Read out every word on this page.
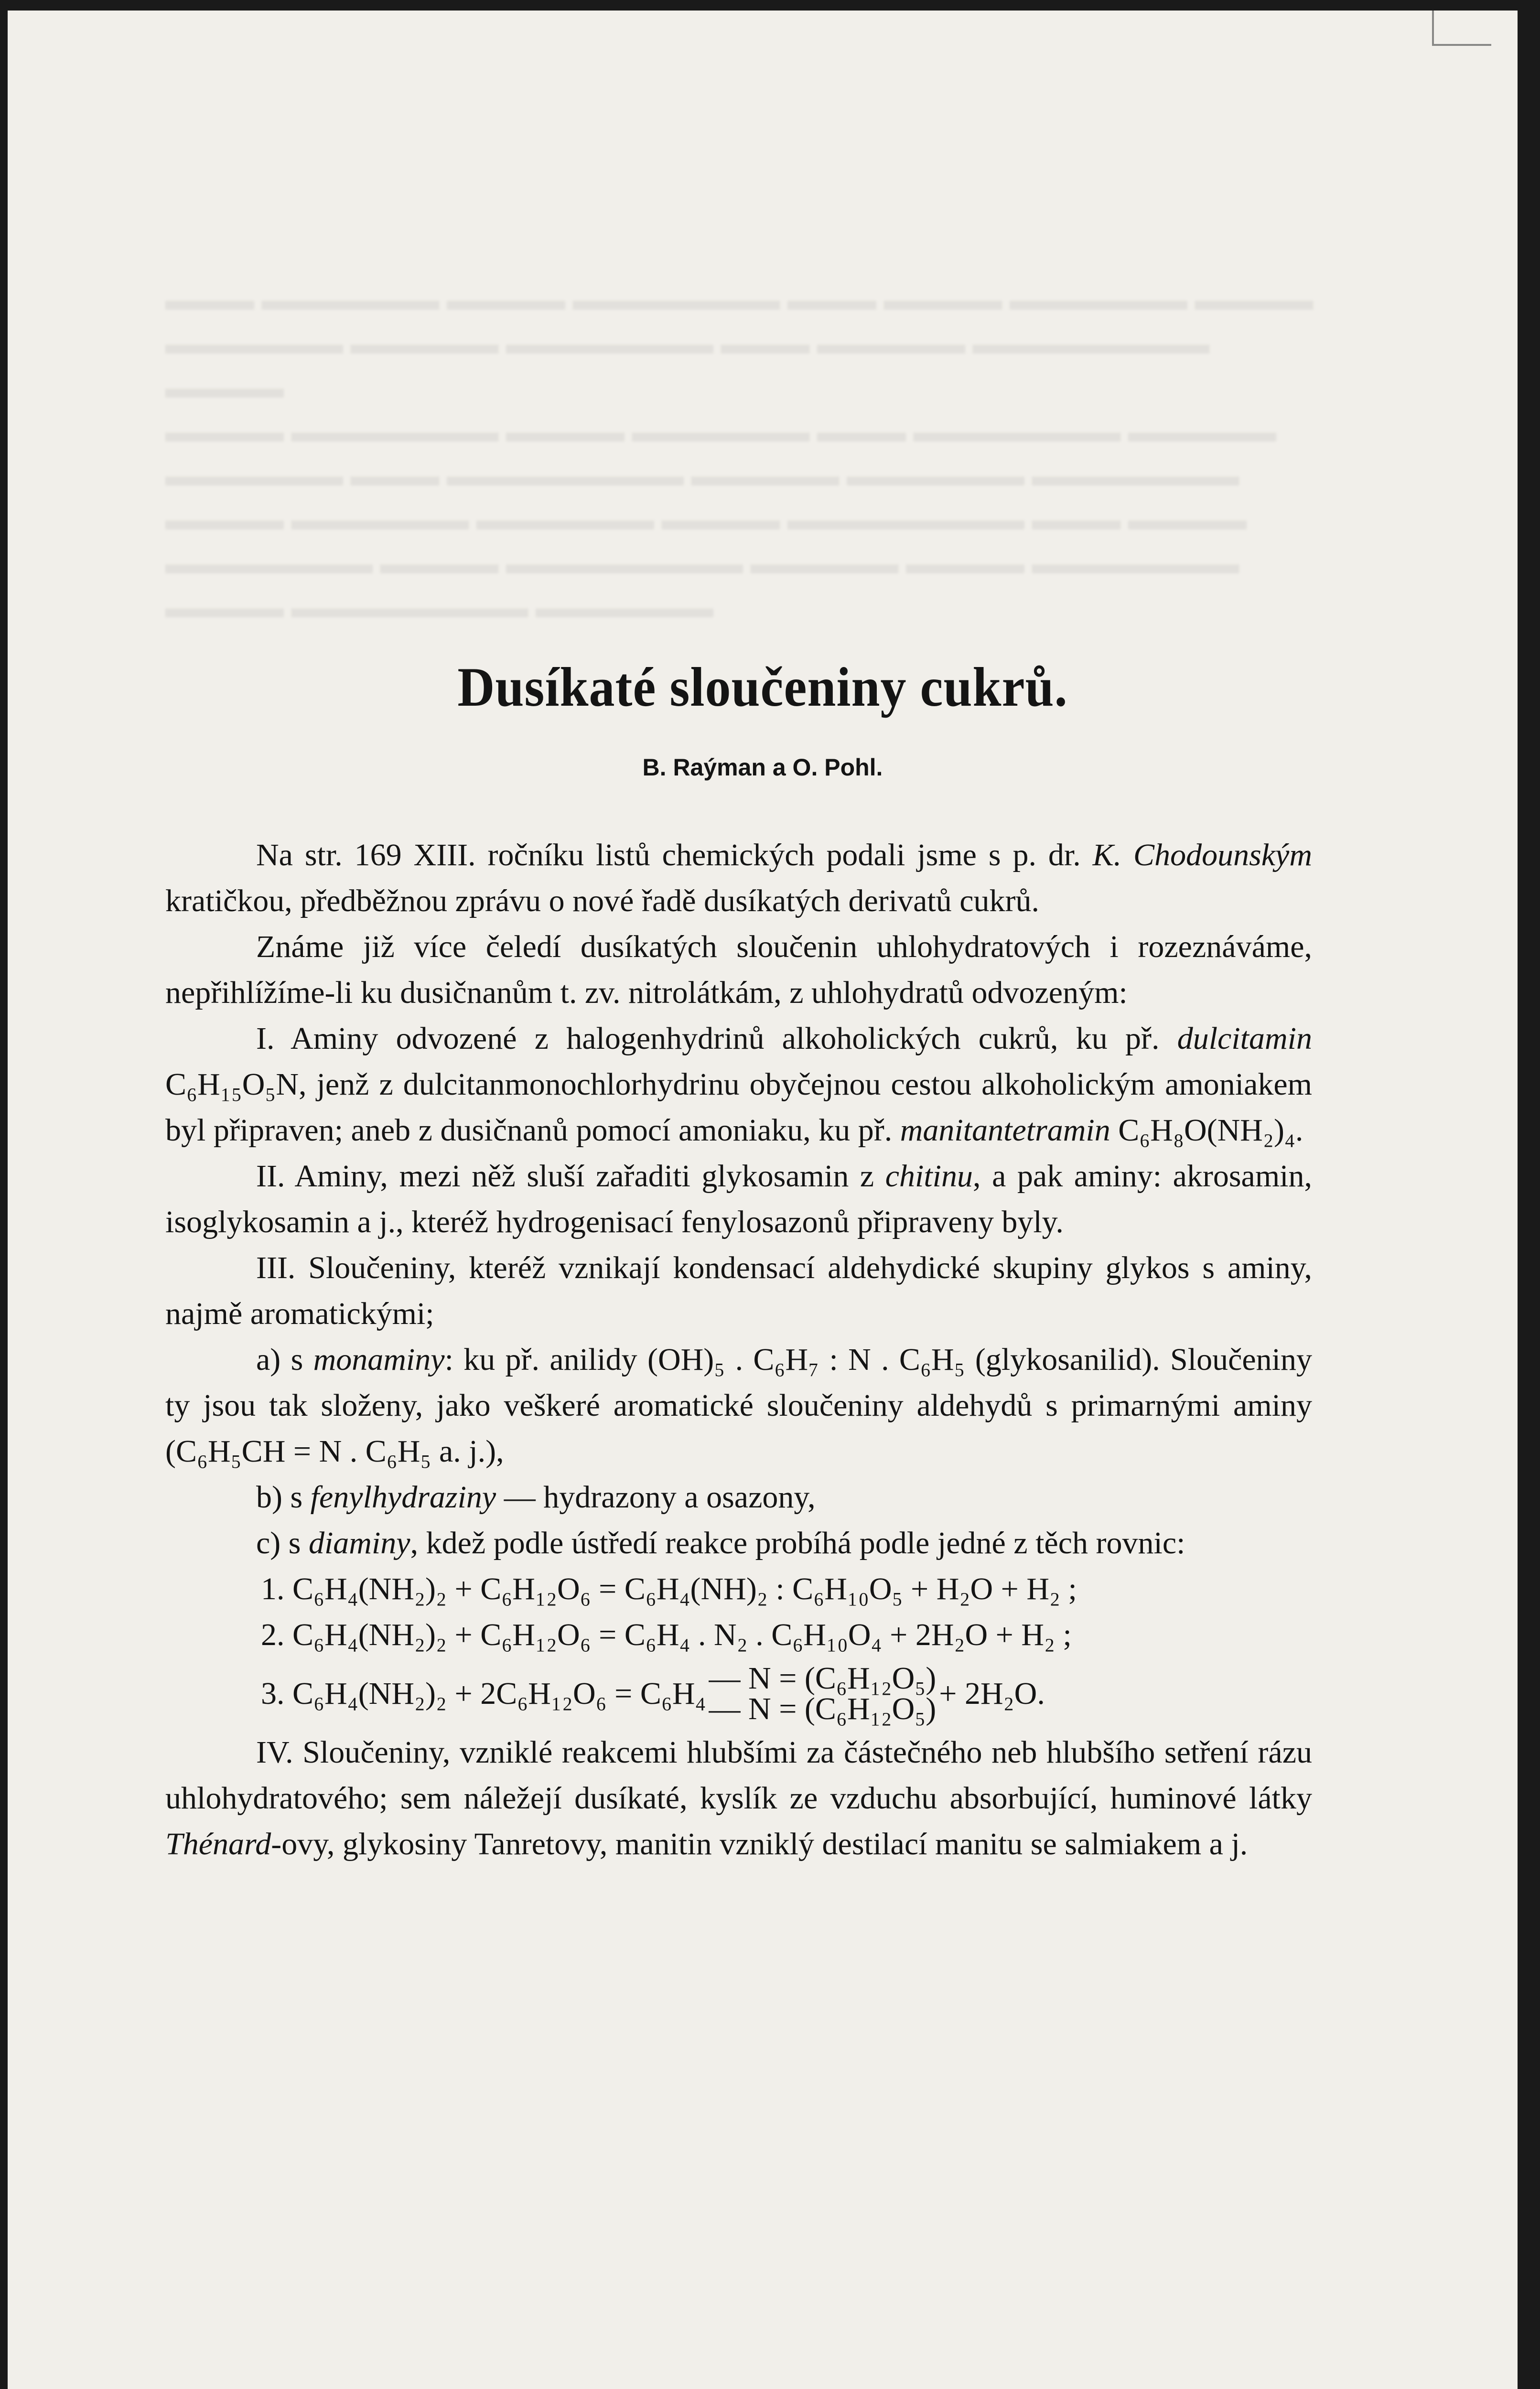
▬▬▬ ▬▬▬▬▬▬ ▬▬▬▬ ▬▬▬▬▬▬▬ ▬▬▬ ▬▬▬▬ ▬▬▬▬▬▬ ▬▬▬▬
▬▬▬▬▬▬ ▬▬▬▬▬ ▬▬▬▬▬▬▬ ▬▬▬ ▬▬▬▬▬ ▬▬▬▬▬▬▬▬ ▬▬▬▬
▬▬▬▬ ▬▬▬▬▬▬▬ ▬▬▬▬ ▬▬▬▬▬▬ ▬▬▬ ▬▬▬▬▬▬▬ ▬▬▬▬▬
▬▬▬▬▬▬ ▬▬▬ ▬▬▬▬▬▬▬▬ ▬▬▬▬▬ ▬▬▬▬▬▬ ▬▬▬▬▬▬▬
▬▬▬▬ ▬▬▬▬▬▬ ▬▬▬▬▬▬ ▬▬▬▬ ▬▬▬▬▬▬▬▬ ▬▬▬ ▬▬▬▬
▬▬▬▬▬▬▬ ▬▬▬▬ ▬▬▬▬▬▬▬▬ ▬▬▬▬▬ ▬▬▬▬ ▬▬▬▬▬▬▬
▬▬▬▬ ▬▬▬▬▬▬▬▬ ▬▬▬▬▬▬
Dusíkaté sloučeniny cukrů.
B. Raýman a O. Pohl.

Na str. 169 XIII. ročníku listů chemických podali jsme s p. dr. K. Chodounským kratičkou, předběžnou zprávu o nové řadě dusíkatých derivatů cukrů.

Známe již více čeledí dusíkatých sloučenin uhlohydratových i rozeznáváme, nepřihlížíme-li ku dusičnanům t. zv. nitrolátkám, z uhlohydratů odvozeným:

I. Aminy odvozené z halogenhydrinů alkoholických cukrů, ku př. dulcitamin C₆H₁₅O₅N, jenž z dulcitanmonochlorhydrinu obyčejnou cestou alkoholickým amoniakem byl připraven; aneb z dusičnanů pomocí amoniaku, ku př. manitantetramin C₆H₈O(NH₂)₄.

II. Aminy, mezi něž sluší zařaditi glykosamin z chitinu, a pak aminy: akrosamin, isoglykosamin a j., kteréž hydrogenisací fenylosazonů připraveny byly.

III. Sloučeniny, kteréž vznikají kondensací aldehydické skupiny glykos s aminy, najmě aromatickými;

a) s monaminy: ku př. anilidy (OH)₅ . C₆H₇ : N . C₆H₅ (glykosanilid). Sloučeniny ty jsou tak složeny, jako veškeré aromatické sloučeniny aldehydů s primarnými aminy (C₆H₅CH = N . C₆H₅ a. j.),

b) s fenylhydraziny — hydrazony a osazony,

c) s diaminy, kdež podle ústředí reakce probíhá podle jedné z těch rovnic:

1. C₆H₄(NH₂)₂ + C₆H₁₂O₆ = C₆H₄(NH)₂ : C₆H₁₀O₅ + H₂O + H₂ ;
2. C₆H₄(NH₂)₂ + C₆H₁₂O₆ = C₆H₄ . N₂ . C₆H₁₀O₄ + 2H₂O + H₂ ;
3. C₆H₄(NH₂)₂ + 2C₆H₁₂O₆ = C₆H₄ — N = (C₆H₁₂O₅)
— N = (C₆H₁₂O₅) + 2H₂O.

IV. Sloučeniny, vzniklé reakcemi hlubšími za částečného neb hlubšího setření rázu uhlohydratového; sem náležejí dusíkaté, kyslík ze vzduchu absorbující, huminové látky Thénard-ovy, glykosiny Tanretovy, manitin vzniklý destilací manitu se salmiakem a j.
